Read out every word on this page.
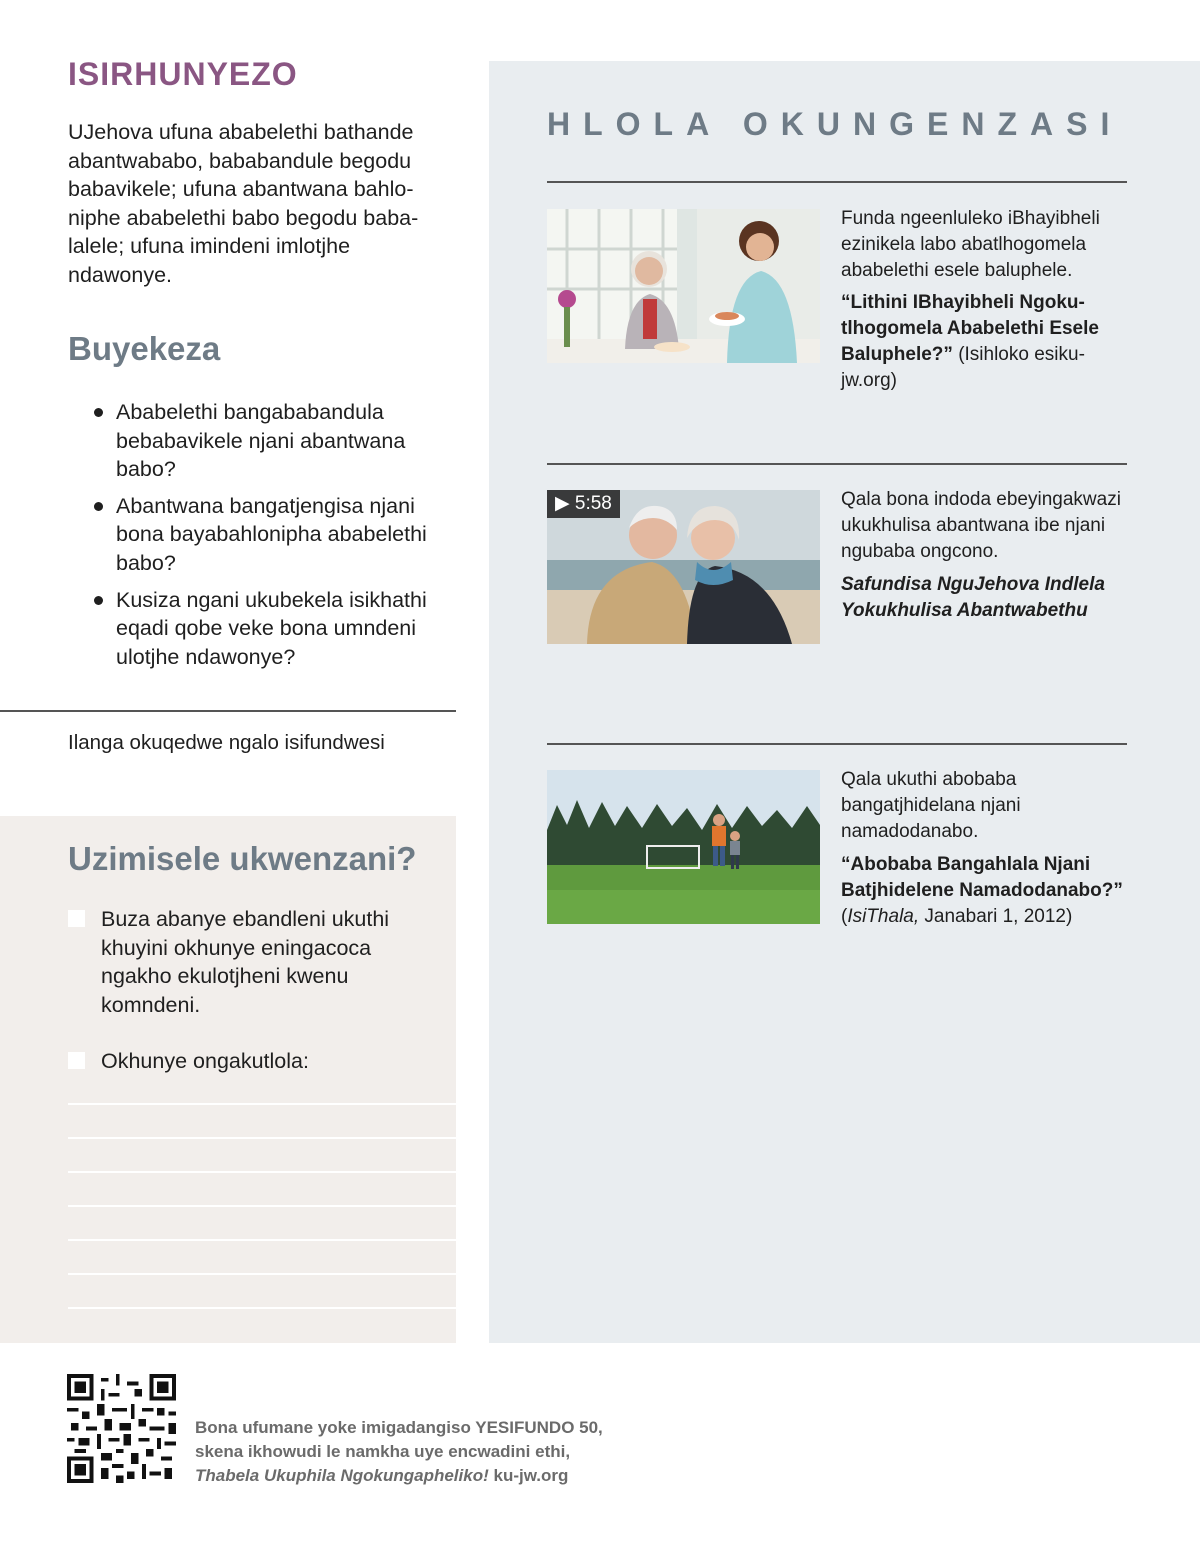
ISIRHUNYEZO

UJehova ufuna ababelethi bathande abantwababo, bababandule begodu babavikele; ufuna abantwana bahloniphe ababelethi babo begodu babalalele; ufuna imindeni imlotjhe ndawonye.

Buyekeza
Ababelethi bangababandula bebabavikele njani abantwana babo?
Abantwana bangatjengisa njani bona bayabahlonipha ababelethi babo?
Kusiza ngani ukubekela isikhathi eqadi qobe veke bona umndeni ulotjhe ndawonye?

Ilanga okuqedwe ngalo isifundwesi

Uzimisele ukwenzani?
Buza abanye ebandleni ukuthi khuyini okhunye eningacoca ngakho ekulotjheni kwenu komndeni.
Okhunye ongakutlola:
HLOLA OKUNGENZASI

Funda ngeenluleko iBhayibheli ezinikela labo abatlhogomela ababelethi esele baluphele.

“Lithini IBhayibheli Ngokutlhogomela Ababelethi Esele Baluphele?” (Isihloko esiku-jw.org)

▶ 5:58	Qala bona indoda ebeyingakwazi ukukhulisa abantwana ibe njani ngubaba ongcono.

Safundisa NguJehova Indlela Yokukhulisa Abantwabethu

Qala ukuthi abobaba bangatjhidelana njani namadodanabo.

“Abobaba Bangahlala Njani Batjhidelene Namadodanabo?” (IsiThala, Janabari 1, 2012)

Bona ufumane yoke imigadangiso YESIFUNDO 50,
skena ikhowudi le namkha uye encwadini ethi,
Thabela Ukuphila Ngokungapheliko! ku-jw.org
